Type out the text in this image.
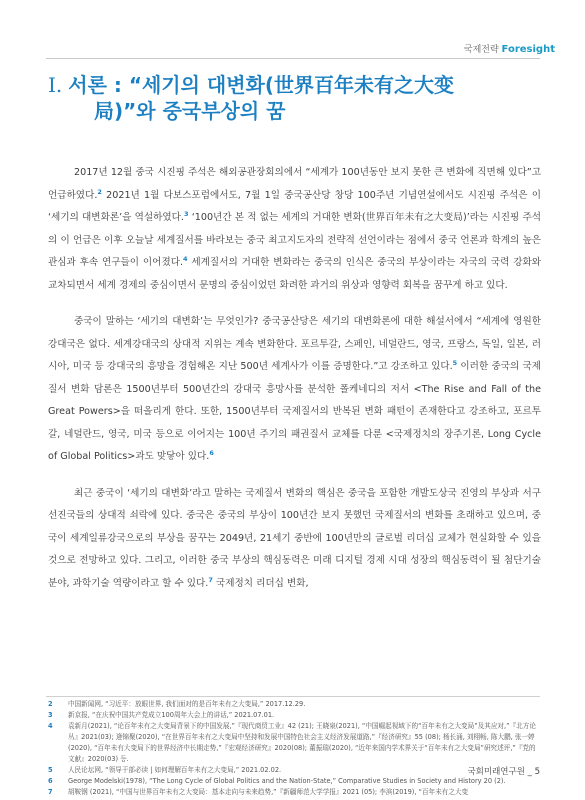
국제전략 Foresight
Ⅰ. 서론 : “세기의 대변화(世界百年未有之大变
局)”와 중국부상의 꿈

2017년 12월 중국 시진핑 주석은 해외공관장회의에서 “세계가 100년동안 보지 못한 큰 변화에 직면해 있다”고 언급하였다.$^2$ 2021년 1월 다보스포럼에서도, 7월 1일 중국공산당 창당 100주년 기념연설에서도 시진핑 주석은 이 ‘세기의 대변화론’을 역설하였다.$^3$ ‘100년간 본 적 없는 세계의 거대한 변화(世界百年未有之大变局)’라는 시진핑 주석의 이 언급은 이후 오늘날 세계질서를 바라보는 중국 최고지도자의 전략적 선언이라는 점에서 중국 언론과 학계의 높은 관심과 후속 연구들이 이어졌다.$^4$ 세계질서의 거대한 변화라는 중국의 인식은 중국의 부상이라는 자국의 국력 강화와 교차되면서 세계 경제의 중심이면서 문명의 중심이었던 화려한 과거의 위상과 영향력 회복을 꿈꾸게 하고 있다.

중국이 말하는 ‘세기의 대변화’는 무엇인가? 중국공산당은 세기의 대변화론에 대한 해설서에서 “세계에 영원한 강대국은 없다. 세계강대국의 상대적 지위는 계속 변화한다. 포르투갈, 스페인, 네덜란드, 영국, 프랑스, 독일, 일본, 러시아, 미국 등 강대국의 흥망을 경험해온 지난 500년 세계사가 이를 증명한다.”고 강조하고 있다.$^5$ 이러한 중국의 국제질서 변화 담론은 1500년부터 500년간의 강대국 흥망사를 분석한 폴케네디의 저서 <The Rise and Fall of the Great Powers>을 떠올리게 한다. 또한, 1500년부터 국제질서의 반복된 변화 패턴이 존재한다고 강조하고, 포르투갈, 네덜란드, 영국, 미국 등으로 이어지는 100년 주기의 패권질서 교체를 다룬 <국제정치의 장주기론, Long Cycle of Global Politics>과도 맞닿아 있다.$^6$

최근 중국이 ‘세기의 대변화’라고 말하는 국제질서 변화의 핵심은 중국을 포함한 개발도상국 진영의 부상과 서구선진국들의 상대적 쇠락에 있다. 중국은 중국의 부상이 100년간 보지 못했던 국제질서의 변화를 초래하고 있으며, 중국이 세계일류강국으로의 부상을 꿈꾸는 2049년, 21세기 중반에 100년만의 글로벌 리더십 교체가 현실화할 수 있을 것으로 전망하고 있다. 그리고, 이러한 중국 부상의 핵심동력은 미래 디지털 경제 시대 성장의 핵심동력이 될 첨단기술분야, 과학기술 역량이라고 할 수 있다.$^7$ 국제정치 리더십 변화,

2	中国新闻网, “习近平：放眼世界, 我们面对的是百年未有之大变局,” 2017.12.29.
3	新京报, “在庆祝中国共产党成立100周年大会上的讲话,” 2021.07.01.
4	袁新月(2021), “论百年未有之大变局背景下的中国发展,”『现代商贸工业』42 (21); 王晓泉(2021), “中国崛起视域下的“百年未有之大变局”及其应对,”『北方论丛』2021(03); 逄锦聚(2020), “在世界百年未有之大变局中坚持和发展中国特色社会主义经济发展道路,”『经济研究』55 (08); 杨长涌, 刘栩畅, 陈大鹏, 张一婷 (2020), “百年未有大变局下的世界经济中长期走势,”『宏观经济研究』2020(08); 董振瑞(2020), “近年来国内学术界关于“百年未有之大变局”研究述评,”『党的文献』2020(03) 등.
5	人民论坛网, “领导干部必读 | 如何理解百年未有之大变局,” 2021.02.02.
6	George Modelski(1978), “The Long Cycle of Global Politics and the Nation-State,” Comparative Studies in Society and History 20 (2).
7	胡鞍钢 (2021), “中国与世界百年未有之大变局：基本走向与未来趋势,”『新疆师范大学学报』2021 (05); 李滨(2019), “百年未有之大变
국회미래연구원 _ 5
